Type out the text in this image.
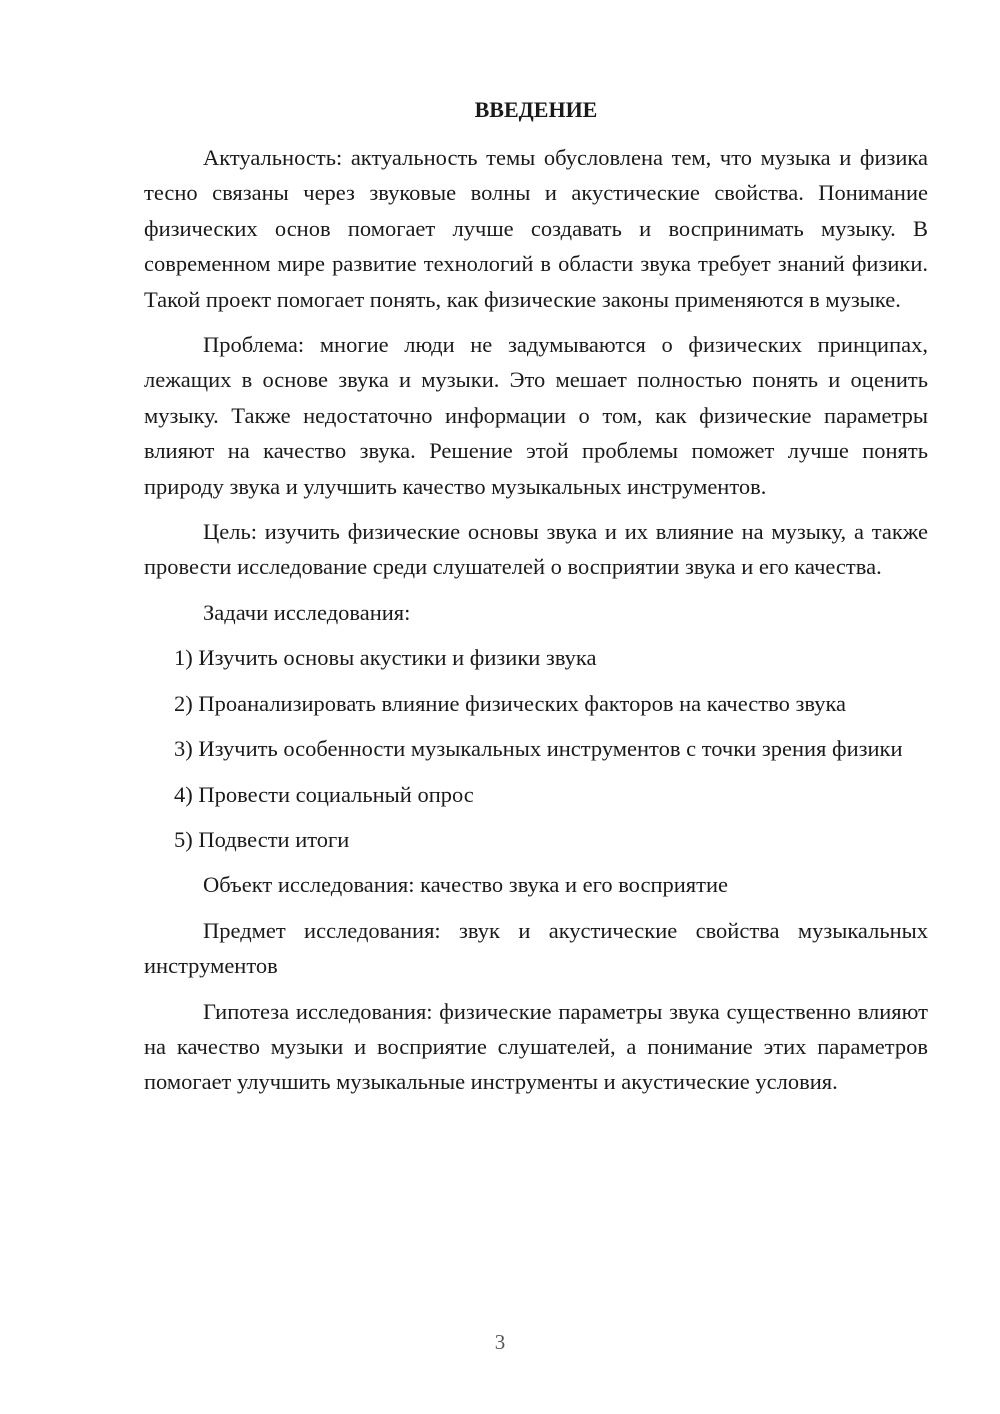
ВВЕДЕНИЕ

Актуальность: актуальность темы обусловлена тем, что музыка и физика тесно связаны через звуковые волны и акустические свойства. Понимание физических основ помогает лучше создавать и воспринимать музыку. В современном мире развитие технологий в области звука требует знаний физики. Такой проект помогает понять, как физические законы применяются в музыке.

Проблема: многие люди не задумываются о физических принципах, лежащих в основе звука и музыки. Это мешает полностью понять и оценить музыку. Также недостаточно информации о том, как физические параметры влияют на качество звука. Решение этой проблемы поможет лучше понять природу звука и улучшить качество музыкальных инструментов.

Цель: изучить физические основы звука и их влияние на музыку, а также провести исследование среди слушателей о восприятии звука и его качества.

Задачи исследования:

1) Изучить основы акустики и физики звука

2) Проанализировать влияние физических факторов на качество звука

3) Изучить особенности музыкальных инструментов с точки зрения физики

4) Провести социальный опрос

5) Подвести итоги

Объект исследования: качество звука и его восприятие

Предмет исследования: звук и акустические свойства музыкальных инструментов

Гипотеза исследования: физические параметры звука существенно влияют на качество музыки и восприятие слушателей, а понимание этих параметров помогает улучшить музыкальные инструменты и акустические условия.

3
